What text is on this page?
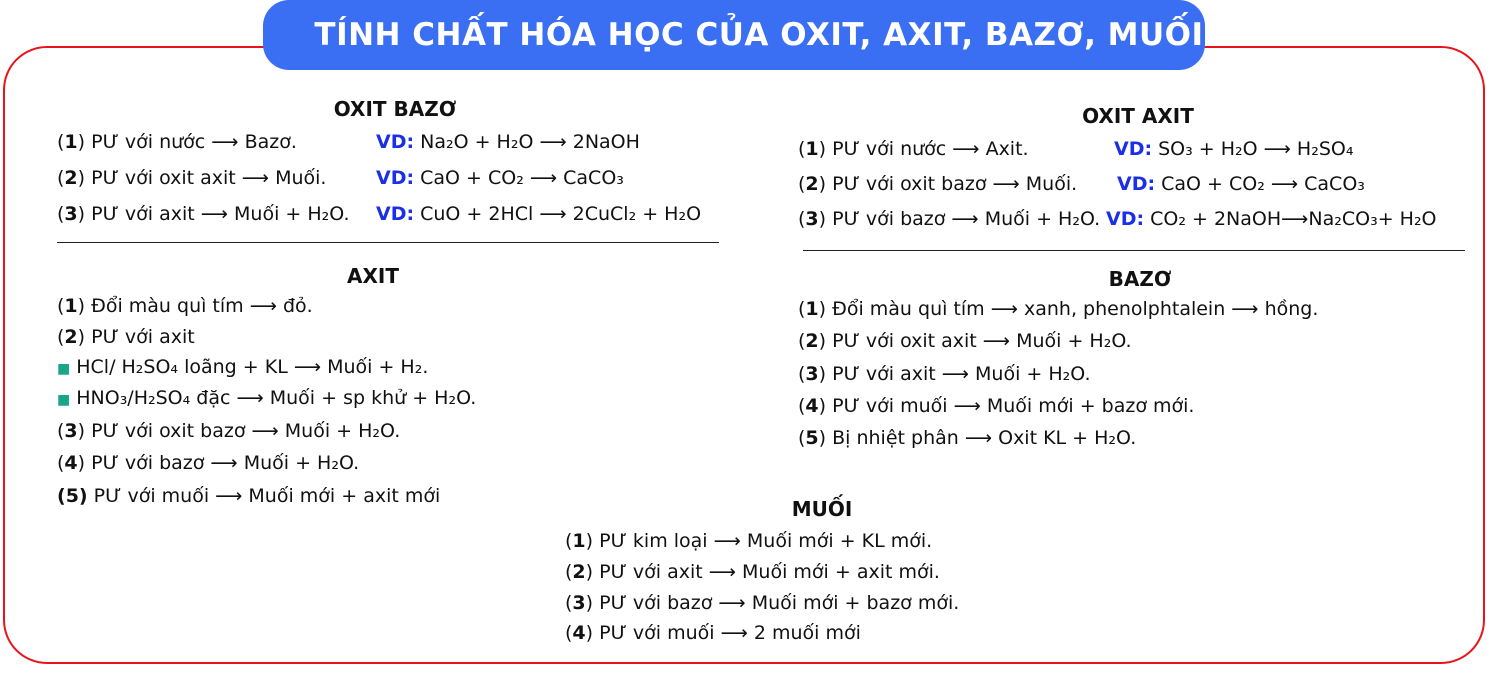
TÍNH CHẤT HÓA HỌC CỦA OXIT, AXIT, BAZƠ, MUỐI
OXIT BAZƠ
(1) PƯ với nước ⟶ Bazơ.	VD: Na₂O + H₂O ⟶ 2NaOH
(2) PƯ với oxit axit ⟶ Muối.	VD: CaO + CO₂ ⟶ CaCO₃
(3) PƯ với axit ⟶ Muối + H₂O. VD: CuO + 2HCl ⟶ 2CuCl₂ + H₂O
AXIT
(1) Đổi màu quì tím ⟶ đỏ.
(2) PƯ với axit
■ HCl/ H₂SO₄ loãng + KL ⟶ Muối + H₂.
■ HNO₃/H₂SO₄ đặc ⟶ Muối + sp khử + H₂O.
(3) PƯ với oxit bazơ ⟶ Muối + H₂O.
(4) PƯ với bazơ ⟶ Muối + H₂O.
(5) PƯ với muối ⟶ Muối mới + axit mới
OXIT AXIT
(1) PƯ với nước ⟶ Axit.	VD: SO₃ + H₂O ⟶ H₂SO₄
(2) PƯ với oxit bazơ ⟶ Muối. VD: CaO + CO₂ ⟶ CaCO₃
(3) PƯ với bazơ ⟶ Muối + H₂O. VD: CO₂ + 2NaOH⟶Na₂CO₃+ H₂O
BAZƠ
(1) Đổi màu quì tím ⟶ xanh, phenolphtalein ⟶ hồng.
(2) PƯ với oxit axit ⟶ Muối + H₂O.
(3) PƯ với axit ⟶ Muối + H₂O.
(4) PƯ với muối ⟶ Muối mới + bazơ mới.
(5) Bị nhiệt phân ⟶ Oxit KL + H₂O.
MUỐI
(1) PƯ kim loại ⟶ Muối mới + KL mới.
(2) PƯ với axit ⟶ Muối mới + axit mới.
(3) PƯ với bazơ ⟶ Muối mới + bazơ mới.
(4) PƯ với muối ⟶ 2 muối mới
